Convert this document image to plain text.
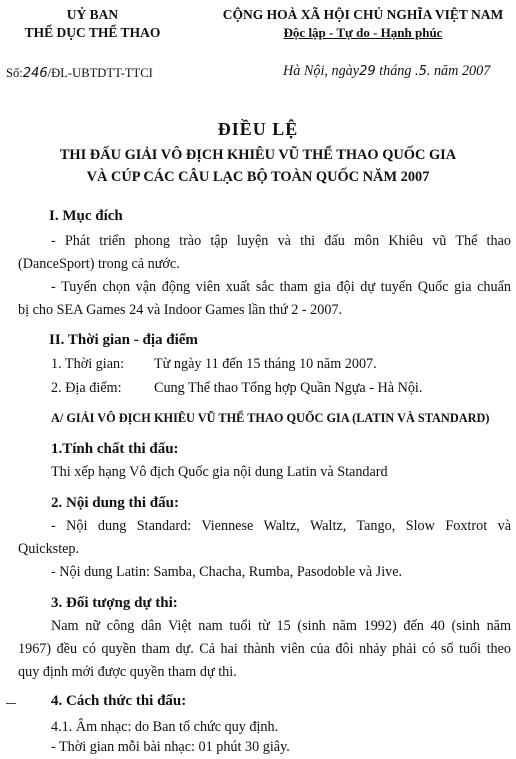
UỶ BAN
THỂ DỤC THỂ THAO
CỘNG HOÀ XÃ HỘI CHỦ NGHĨA VIỆT NAM
Độc lập - Tự do - Hạnh phúc
Số:246/ĐL-UBTDTT-TTCI	Hà Nội, ngày29 tháng .5. năm 2007
ĐIỀU LỆ
THI ĐẤU GIẢI VÔ ĐỊCH KHIÊU VŨ THỂ THAO QUỐC GIA
VÀ CÚP CÁC CÂU LẠC BỘ TOÀN QUỐC NĂM 2007
I. Mục đích
- Phát triển phong trào tập luyện và thi đấu môn Khiêu vũ Thể thao
(DanceSport) trong cả nước.
- Tuyển chọn vận động viên xuất sắc tham gia đội dự tuyển Quốc gia chuẩn
bị cho SEA Games 24 và Indoor Games lần thứ 2 - 2007.
II. Thời gian - địa điểm
1. Thời gian: Từ ngày 11 đến 15 tháng 10 năm 2007.
2. Địa điểm: Cung Thể thao Tổng hợp Quần Ngựa - Hà Nội.
A/ GIẢI VÔ ĐỊCH KHIÊU VŨ THỂ THAO QUỐC GIA (LATIN VÀ STANDARD)
1.Tính chất thi đấu:
Thi xếp hạng Vô địch Quốc gia nội dung Latin và Standard
2. Nội dung thi đấu:
- Nội dung Standard: Viennese Waltz, Waltz, Tango, Slow Foxtrot và
Quickstep.
- Nội dung Latin: Samba, Chacha, Rumba, Pasodoble và Jive.
3. Đối tượng dự thi:
Nam nữ công dân Việt nam tuổi từ 15 (sinh năm 1992) đến 40 (sinh năm
1967) đều có quyền tham dự. Cả hai thành viên của đôi nhảy phải có số tuổi theo
quy định mới được quyền tham dự thi.
4. Cách thức thi đấu:
4.1. Âm nhạc: do Ban tổ chức quy định.
- Thời gian mỗi bài nhạc: 01 phút 30 giây.
